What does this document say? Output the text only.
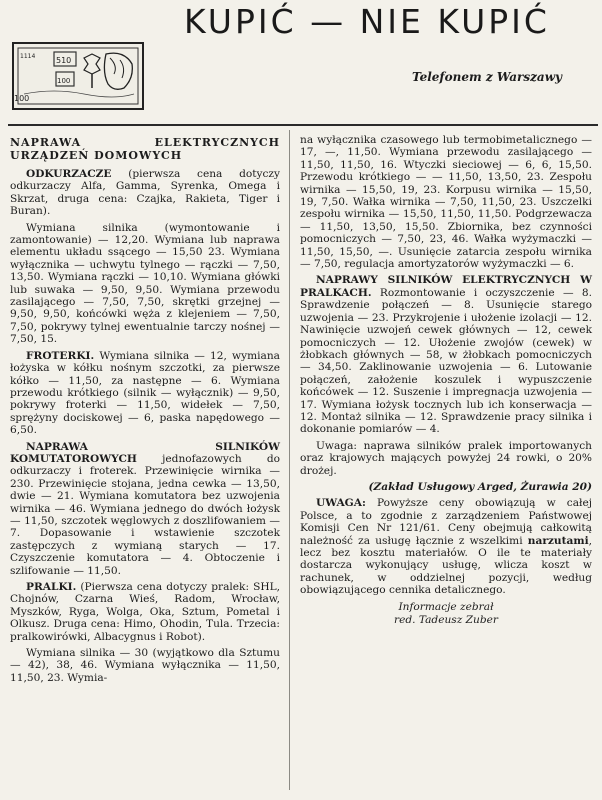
KUPIĆ — NIE KUPIĆ
510
100
1114
100
Telefonem z Warszawy
NAPRAWA ELEKTRYCZNYCH URZĄDZEŃ DOMOWYCH

ODKURZACZE (pierwsza cena dotyczy odkurzaczy Alfa, Gamma, Syrenka, Omega i Skrzat, druga cena: Czajka, Rakieta, Tiger i Buran).

Wymiana silnika (wymontowanie i zamontowanie) — 12,20. Wymiana lub naprawa elementu układu ssącego — 15,50 23. Wymiana wyłącznika — uchwytu tylnego — rączki — 7,50, 13,50. Wymiana rączki — 10,10. Wymiana główki lub suwaka — 9,50, 9,50. Wymiana przewodu zasilającego — 7,50, 7,50, skrętki grzejnej — 9,50, 9,50, końcówki węża z klejeniem — 7,50, 7,50, pokrywy tylnej ewentualnie tarczy nośnej — 7,50, 15.

FROTERKI. Wymiana silnika — 12, wymiana łożyska w kółku nośnym szczotki, za pierwsze kółko — 11,50, za następne — 6. Wymiana przewodu krótkiego (silnik — wyłącznik) — 9,50, pokrywy froterki — 11,50, widełek — 7,50, sprężyny dociskowej — 6, paska napędowego — 6,50.

NAPRAWA SILNIKÓW KOMUTATOROWYCH jednofazowych do odkurzaczy i froterek. Przewinięcie wirnika — 230. Przewinięcie stojana, jedna cewka — 13,50, dwie — 21. Wymiana komutatora bez uzwojenia wirnika — 46. Wymiana jednego do dwóch łożysk — 11,50, szczotek węglowych z doszlifowaniem — 7. Dopasowanie i wstawienie szczotek zastępczych z wymianą starych — 17. Czyszczenie komutatora — 4. Obtoczenie i szlifowanie — 11,50.

PRALKI. (Pierwsza cena dotyczy pralek: SHL, Chojnów, Czarna Wieś, Radom, Wrocław, Myszków, Ryga, Wolga, Oka, Sztum, Pometal i Olkusz. Druga cena: Himo, Ohodin, Tula. Trzecia: pralkowirówki, Albacygnus i Robot).

Wymiana silnika — 30 (wyjątkowo dla Sztumu — 42), 38, 46. Wymiana wyłącznika — 11,50, 11,50, 23. Wymia-

na wyłącznika czasowego lub termobimetalicznego — 17, —, 11,50. Wymiana przewodu zasilającego — 11,50, 11,50, 16. Wtyczki sieciowej — 6, 6, 15,50. Przewodu krótkiego — — 11,50, 13,50, 23. Zespołu wirnika — 15,50, 19, 23. Korpusu wirnika — 15,50, 19, 7,50. Wałka wirnika — 7,50, 11,50, 23. Uszczelki zespołu wirnika — 15,50, 11,50, 11,50. Podgrzewacza — 11,50, 13,50, 15,50. Zbiornika, bez czynności pomocniczych — 7,50, 23, 46. Wałka wyżymaczki — 11,50, 15,50, —. Usunięcie zatarcia zespołu wirnika — 7,50, regulacja amortyzatorów wyżymaczki — 6.

NAPRAWY SILNIKÓW ELEKTRYCZNYCH W PRALKACH. Rozmontowanie i oczyszczenie — 8. Sprawdzenie połączeń — 8. Usunięcie starego uzwojenia — 23. Przykrojenie i ułożenie izolacji — 12. Nawinięcie uzwojeń cewek głównych — 12, cewek pomocniczych — 12. Ułożenie zwojów (cewek) w żłobkach głównych — 58, w żłobkach pomocniczych — 34,50. Zaklinowanie uzwojenia — 6. Lutowanie połączeń, założenie koszulek i wypuszczenie końcówek — 12. Suszenie i impregnacja uzwojenia — 17. Wymiana łożysk tocznych lub ich konserwacja — 12. Montaż silnika — 12. Sprawdzenie pracy silnika i dokonanie pomiarów — 4.

Uwaga: naprawa silników pralek importowanych oraz krajowych mających powyżej 24 rowki, o 20% drożej.

(Zakład Usługowy Arged, Żurawia 20)

UWAGA: Powyższe ceny obowiązują w całej Polsce, a to zgodnie z zarządzeniem Państwowej Komisji Cen Nr 121/61. Ceny obejmują całkowitą należność za usługę łącznie z wszelkimi narzutami, lecz bez kosztu materiałów. O ile te materiały dostarcza wykonujący usługę, wlicza koszt w rachunek, w oddzielnej pozycji, według obowiązującego cennika detalicznego.

Informacje zebrał
red. Tadeusz Zuber
